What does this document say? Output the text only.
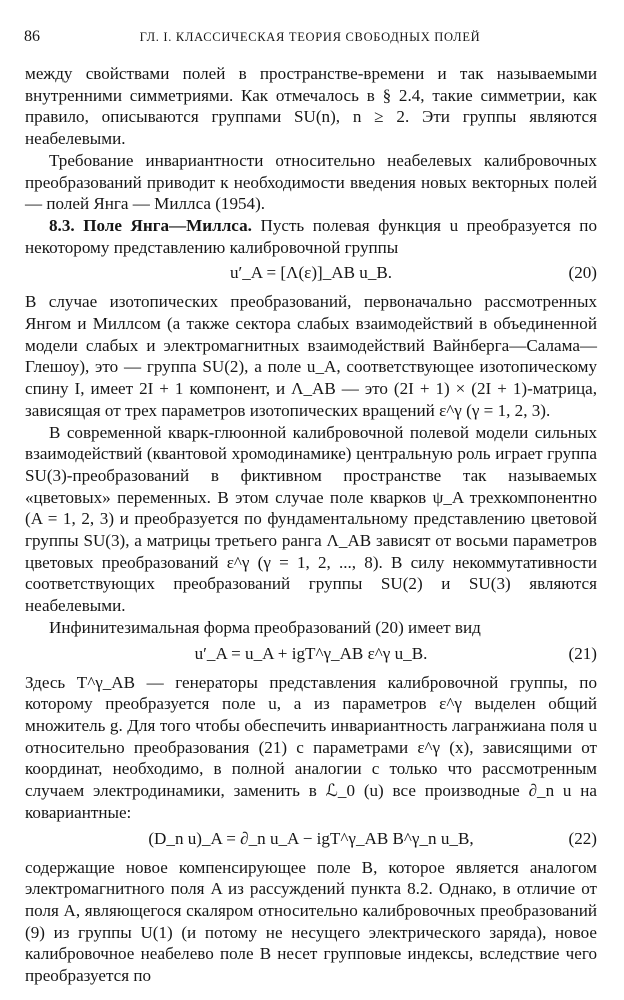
86	ГЛ. I. КЛАССИЧЕСКАЯ ТЕОРИЯ СВОБОДНЫХ ПОЛЕЙ

между свойствами полей в пространстве-времени и так называемыми внутренними симметриями. Как отмечалось в § 2.4, такие симметрии, как правило, описываются группами SU(n), n ≥ 2. Эти группы являются неабелевыми.

Требование инвариантности относительно неабелевых калибровочных преобразований приводит к необходимости введения новых векторных полей — полей Янга — Миллса (1954).

8.3. Поле Янга—Миллса. Пусть полевая функция u преобразуется по некоторому представлению калибровочной группы

u′_A = [Λ(ε)]_AB u_B.	(20)

В случае изотопических преобразований, первоначально рассмотренных Янгом и Миллсом (а также сектора слабых взаимодействий в объединенной модели слабых и электромагнитных взаимодействий Вайнберга—Салама—Глешоу), это — группа SU(2), а поле u_A, соответствующее изотопическому спину I, имеет 2I + 1 компонент, и Λ_AB — это (2I + 1) × (2I + 1)-матрица, зависящая от трех параметров изотопических вращений ε^γ (γ = 1, 2, 3).

В современной кварк-глюонной калибровочной полевой модели сильных взаимодействий (квантовой хромодинамике) центральную роль играет группа SU(3)-преобразований в фиктивном пространстве так называемых «цветовых» переменных. В этом случае поле кварков ψ_A трехкомпонентно (A = 1, 2, 3) и преобразуется по фундаментальному представлению цветовой группы SU(3), а матрицы третьего ранга Λ_AB зависят от восьми параметров цветовых преобразований ε^γ (γ = 1, 2, ..., 8). В силу некоммутативности соответствующих преобразований группы SU(2) и SU(3) являются неабелевыми.

Инфинитезимальная форма преобразований (20) имеет вид

u′_A = u_A + igT^γ_AB ε^γ u_B.	(21)

Здесь T^γ_AB — генераторы представления калибровочной группы, по которому преобразуется поле u, а из параметров ε^γ выделен общий множитель g. Для того чтобы обеспечить инвариантность лагранжиана поля u относительно преобразования (21) с параметрами ε^γ (x), зависящими от координат, необходимо, в полной аналогии с только что рассмотренным случаем электродинамики, заменить в ℒ_0 (u) все производные ∂_n u на ковариантные:

(D_n u)_A = ∂_n u_A − igT^γ_AB B^γ_n u_B,	(22)

содержащие новое компенсирующее поле B, которое является аналогом электромагнитного поля A из рассуждений пункта 8.2. Однако, в отличие от поля A, являющегося скаляром относительно калибровочных преобразований (9) из группы U(1) (и потому не несущего электрического заряда), новое калибровочное неабелево поле B несет групповые индексы, вследствие чего преобразуется по
